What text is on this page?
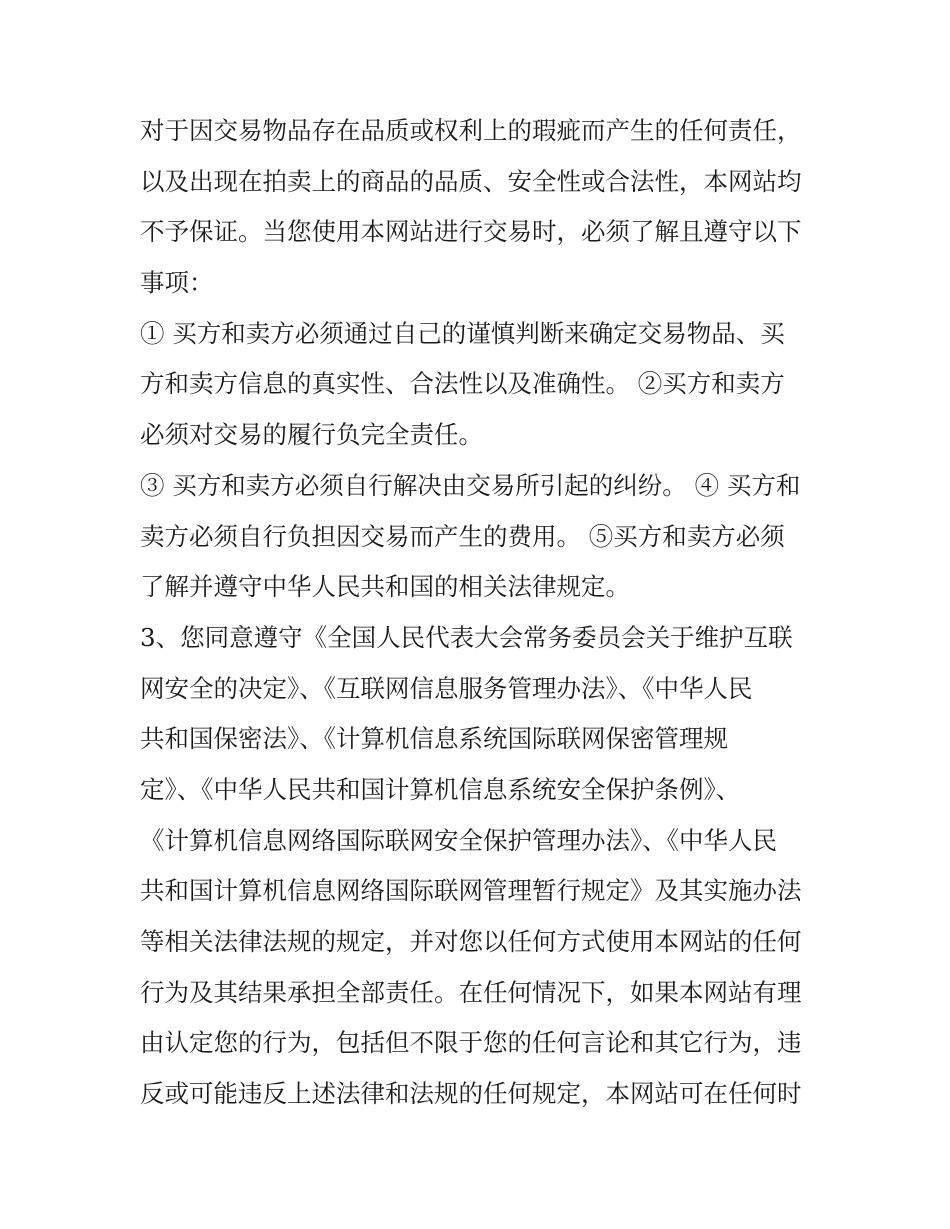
对于因交易物品存在品质或权利上的瑕疵而产生的任何责任，
以及出现在拍卖上的商品的品质、安全性或合法性，本网站均
不予保证。当您使用本网站进行交易时，必须了解且遵守以下
事项：
① 买方和卖方必须通过自己的谨慎判断来确定交易物品、买
方和卖方信息的真实性、合法性以及准确性。 ②买方和卖方
必须对交易的履行负完全责任。
③ 买方和卖方必须自行解决由交易所引起的纠纷。 ④ 买方和
卖方必须自行负担因交易而产生的费用。 ⑤买方和卖方必须
了解并遵守中华人民共和国的相关法律规定。
3、您同意遵守《全国人民代表大会常务委员会关于维护互联
网安全的决定》、《互联网信息服务管理办法》、《中华人民
共和国保密法》、《计算机信息系统国际联网保密管理规
定》、《中华人民共和国计算机信息系统安全保护条例》、
《计算机信息网络国际联网安全保护管理办法》、《中华人民
共和国计算机信息网络国际联网管理暂行规定》及其实施办法
等相关法律法规的规定，并对您以任何方式使用本网站的任何
行为及其结果承担全部责任。在任何情况下，如果本网站有理
由认定您的行为，包括但不限于您的任何言论和其它行为，违
反或可能违反上述法律和法规的任何规定，本网站可在任何时
